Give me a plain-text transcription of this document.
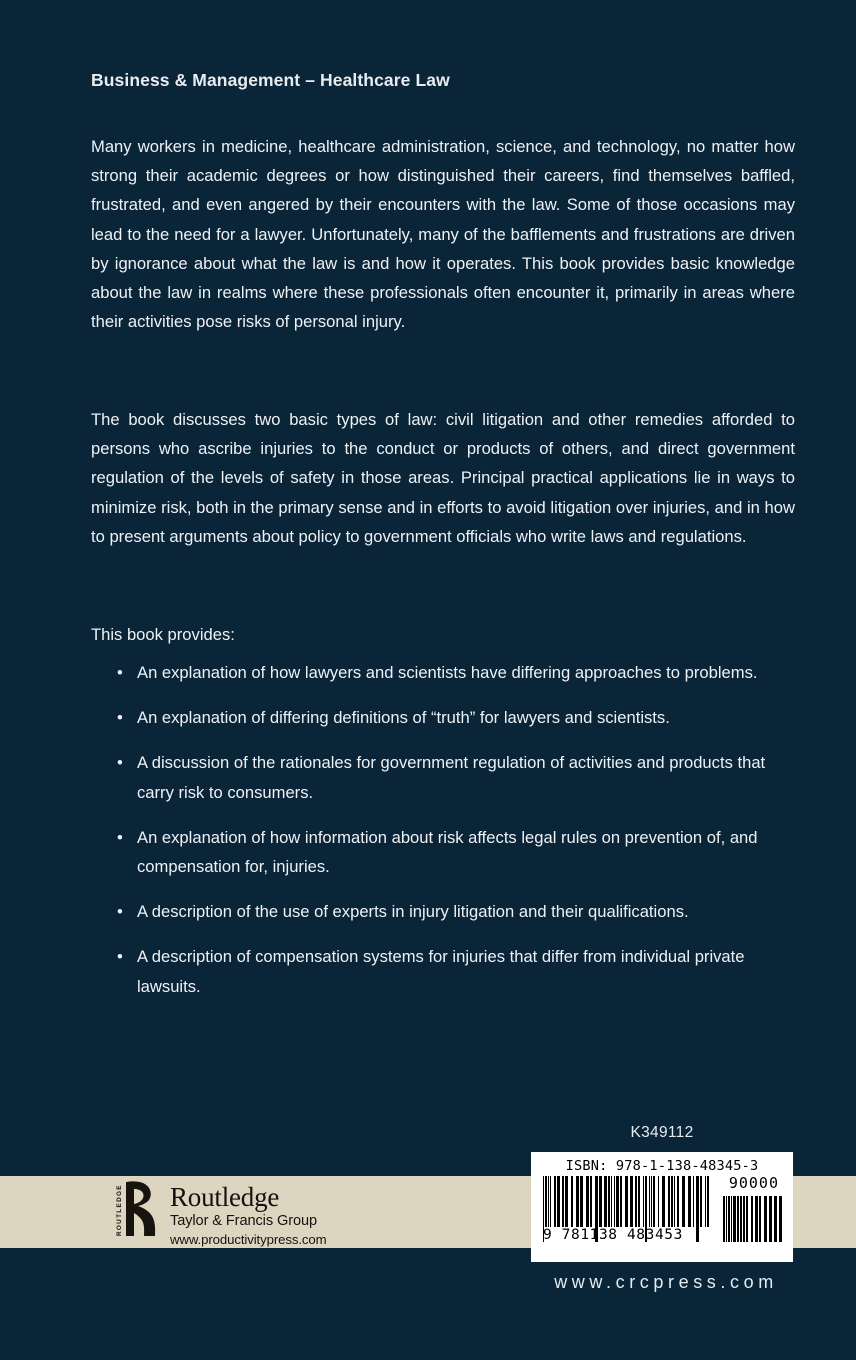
Business & Management – Healthcare Law
Many workers in medicine, healthcare administration, science, and technology, no matter how strong their academic degrees or how distinguished their careers, find themselves baffled, frustrated, and even angered by their encounters with the law. Some of those occasions may lead to the need for a lawyer. Unfortunately, many of the bafflements and frustrations are driven by ignorance about what the law is and how it operates. This book provides basic knowledge about the law in realms where these professionals often encounter it, primarily in areas where their activities pose risks of personal injury.
The book discusses two basic types of law: civil litigation and other remedies afforded to persons who ascribe injuries to the conduct or products of others, and direct government regulation of the levels of safety in those areas. Principal practical applications lie in ways to minimize risk, both in the primary sense and in efforts to avoid litigation over injuries, and in how to present arguments about policy to government officials who write laws and regulations.
This book provides:
• An explanation of how lawyers and scientists have differing approaches to problems.
• An explanation of differing definitions of “truth” for lawyers and scientists.
• A discussion of the rationales for government regulation of activities and products that carry risk to consumers.
• An explanation of how information about risk affects legal rules on prevention of, and compensation for, injuries.
• A description of the use of experts in injury litigation and their qualifications.
• A description of compensation systems for injuries that differ from individual private lawsuits.
K349112
ROUTLEDGE Routledge
Taylor & Francis Group
www.productivitypress.com
ISBN: 978-1-138-48345-3
90000
9 781138 483453
www.crcpress.com
